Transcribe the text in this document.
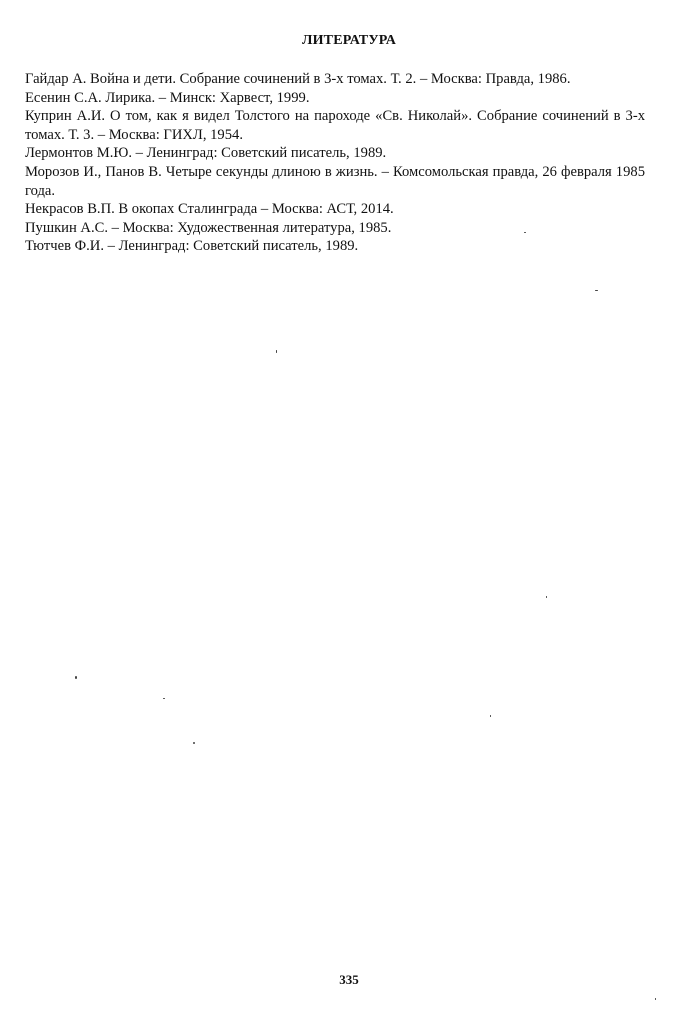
ЛИТЕРАТУРА

Гайдар А. Война и дети. Собрание сочинений в 3-х томах. Т. 2. – Москва: Правда, 1986.

Есенин С.А. Лирика. – Минск: Харвест, 1999.

Куприн А.И. О том, как я видел Толстого на пароходе «Св. Николай». Собрание сочинений в 3-х томах. Т. 3. – Москва: ГИХЛ, 1954.

Лермонтов М.Ю. – Ленинград: Советский писатель, 1989.

Морозов И., Панов В. Четыре секунды длиною в жизнь. – Комсомольская правда, 26 февраля 1985 года.

Некрасов В.П. В окопах Сталинграда – Москва: АСТ, 2014.

Пушкин А.С. – Москва: Художественная литература, 1985.

Тютчев Ф.И. – Ленинград: Советский писатель, 1989.

335
